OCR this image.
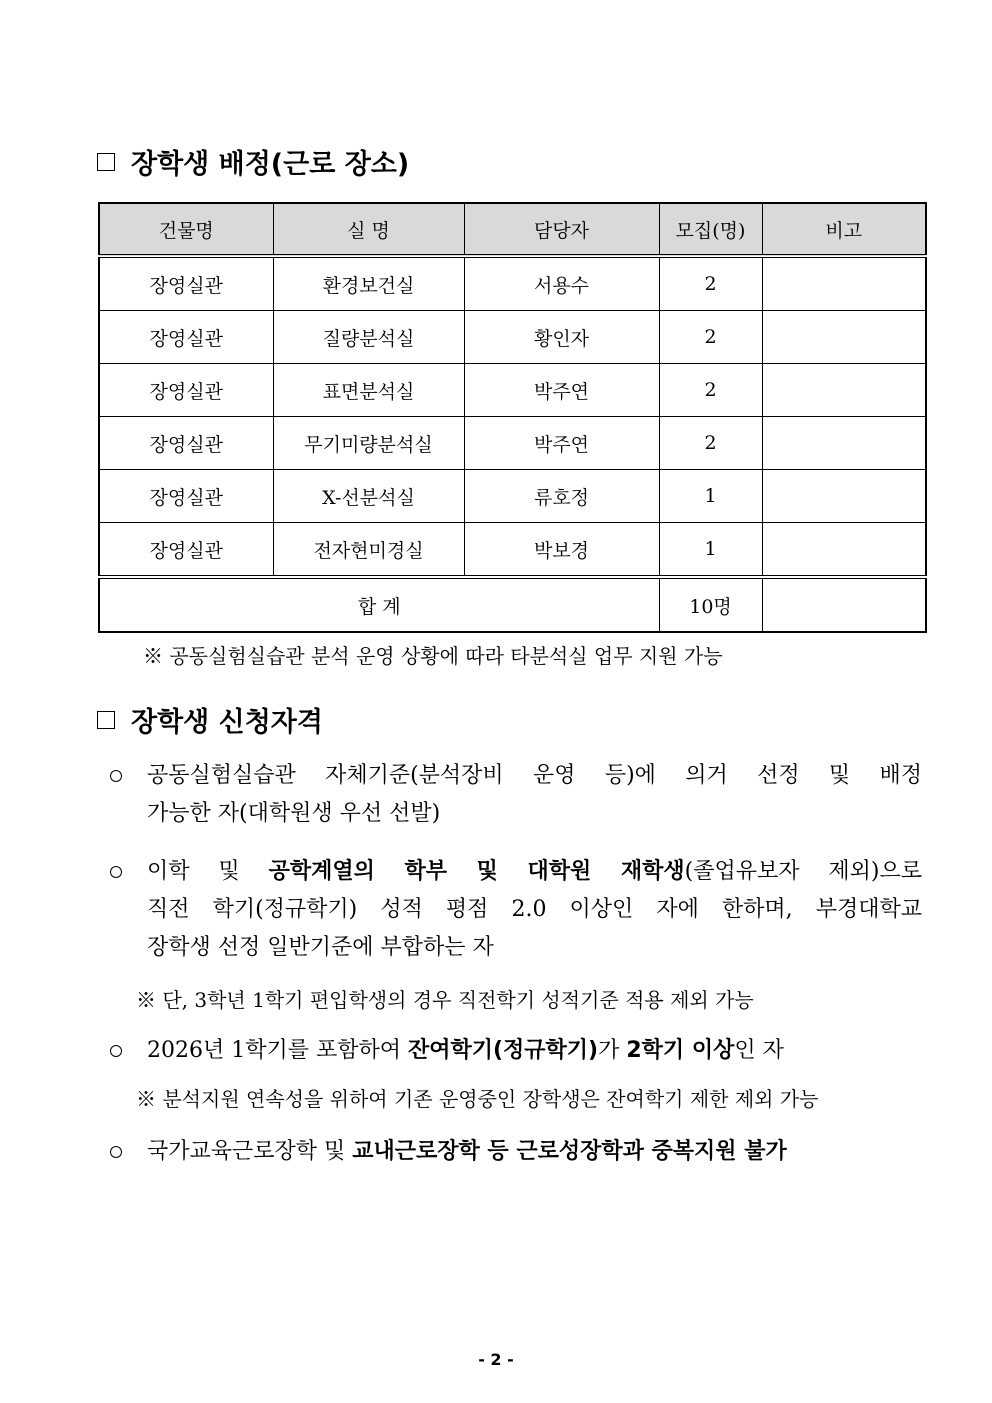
장학생 배정(근로 장소)
건물명	실 명	담당자	모집(명)	비고
장영실관	환경보건실	서용수	2	
장영실관	질량분석실	황인자	2	
장영실관	표면분석실	박주연	2	
장영실관	무기미량분석실	박주연	2	
장영실관	X-선분석실	류호정	1	
장영실관	전자현미경실	박보경	1	
합 계			10명	
※ 공동실험실습관 분석 운영 상황에 따라 타분석실 업무 지원 가능
장학생 신청자격
공동실험실습관 자체기준(분석장비 운영 등)에 의거 선정 및 배정
가능한 자(대학원생 우선 선발)
이학 및 공학계열의 학부 및 대학원 재학생(졸업유보자 제외)으로
직전 학기(정규학기) 성적 평점 2.0 이상인 자에 한하며, 부경대학교
장학생 선정 일반기준에 부합하는 자
※ 단, 3학년 1학기 편입학생의 경우 직전학기 성적기준 적용 제외 가능
2026년 1학기를 포함하여 잔여학기(정규학기)가 2학기 이상인 자
※ 분석지원 연속성을 위하여 기존 운영중인 장학생은 잔여학기 제한 제외 가능
국가교육근로장학 및 교내근로장학 등 근로성장학과 중복지원 불가
- 2 -
